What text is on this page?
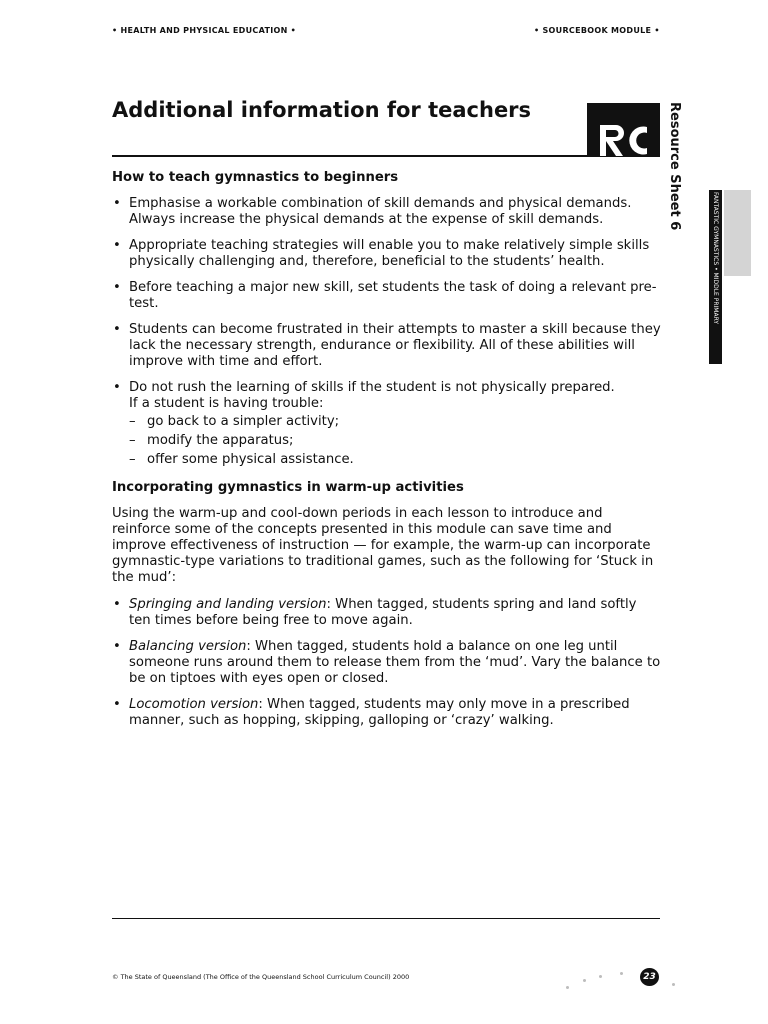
• HEALTH AND PHYSICAL EDUCATION •	• SOURCEBOOK MODULE •
Additional information for teachers	Resource Sheet 6
FANTASTIC GYMNASTICS • MIDDLE PRIMARY
How to teach gymnastics to beginners
• Emphasise a workable combination of skill demands and physical demands. Always increase the physical demands at the expense of skill demands.
• Appropriate teaching strategies will enable you to make relatively simple skills physically challenging and, therefore, beneficial to the students’ health.
• Before teaching a major new skill, set students the task of doing a relevant pre-test.
• Students can become frustrated in their attempts to master a skill because they lack the necessary strength, endurance or flexibility. All of these abilities will improve with time and effort.
• Do not rush the learning of skills if the student is not physically prepared.
If a student is having trouble:
– go back to a simpler activity;
– modify the apparatus;
– offer some physical assistance.
Incorporating gymnastics in warm-up activities

Using the warm-up and cool-down periods in each lesson to introduce and reinforce some of the concepts presented in this module can save time and improve effectiveness of instruction — for example, the warm-up can incorporate gymnastic-type variations to traditional games, such as the following for ‘Stuck in the mud’:

• Springing and landing version: When tagged, students spring and land softly ten times before being free to move again.
• Balancing version: When tagged, students hold a balance on one leg until someone runs around them to release them from the ‘mud’. Vary the balance to be on tiptoes with eyes open or closed.
• Locomotion version: When tagged, students may only move in a prescribed manner, such as hopping, skipping, galloping or ‘crazy’ walking.
© The State of Queensland (The Office of the Queensland School Curriculum Council) 2000	23
